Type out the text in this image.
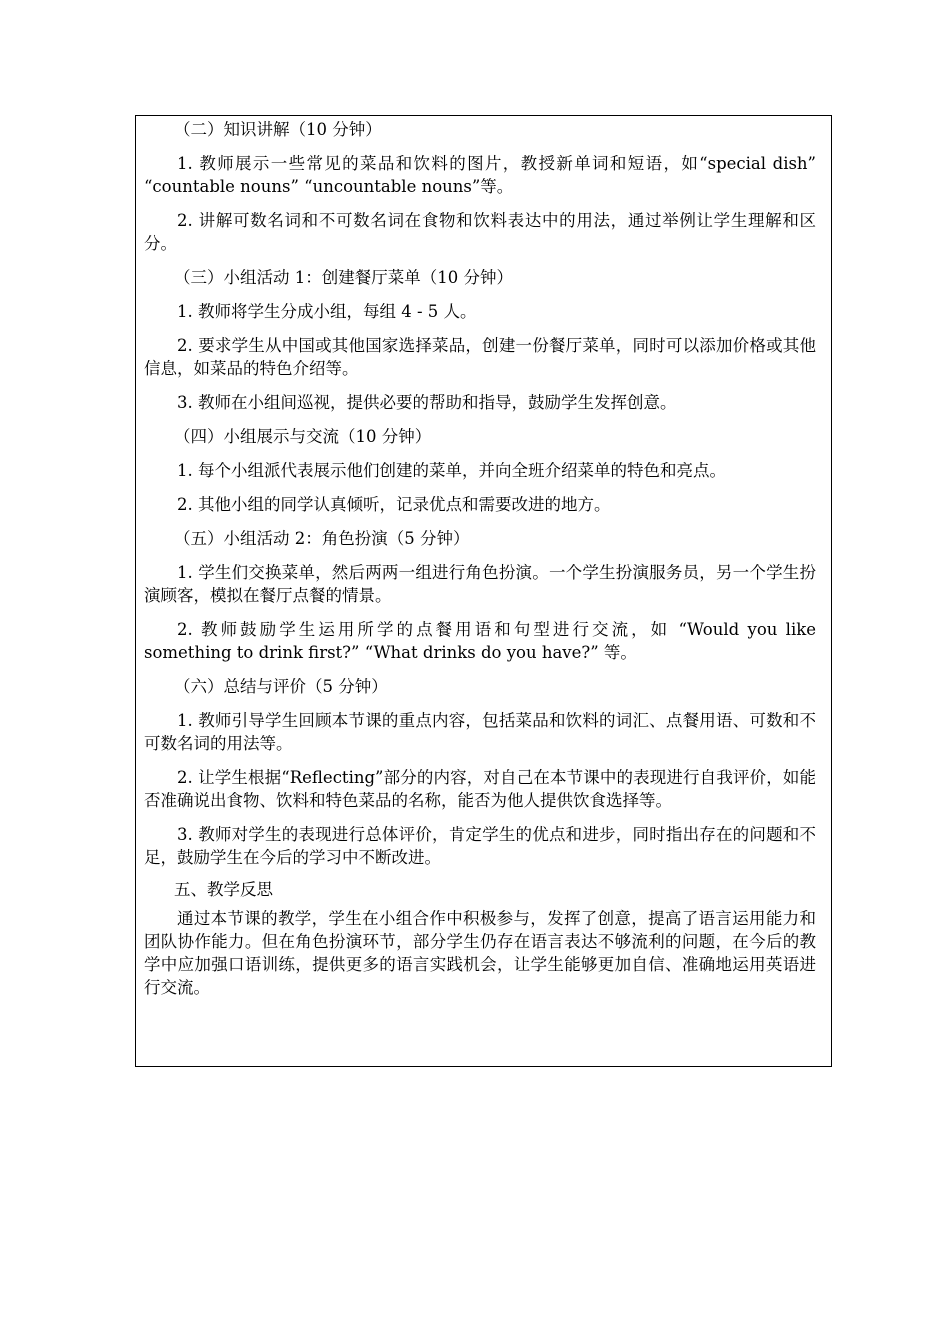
（二）知识讲解（10 分钟）

1. 教师展示一些常见的菜品和饮料的图片，教授新单词和短语，如“special dish” “countable nouns” “uncountable nouns”等。

2. 讲解可数名词和不可数名词在食物和饮料表达中的用法，通过举例让学生理解和区分。

（三）小组活动 1：创建餐厅菜单（10 分钟）

1. 教师将学生分成小组，每组 4 - 5 人。

2. 要求学生从中国或其他国家选择菜品，创建一份餐厅菜单，同时可以添加价格或其他信息，如菜品的特色介绍等。

3. 教师在小组间巡视，提供必要的帮助和指导，鼓励学生发挥创意。

（四）小组展示与交流（10 分钟）

1. 每个小组派代表展示他们创建的菜单，并向全班介绍菜单的特色和亮点。

2. 其他小组的同学认真倾听，记录优点和需要改进的地方。

（五）小组活动 2：角色扮演（5 分钟）

1. 学生们交换菜单，然后两两一组进行角色扮演。一个学生扮演服务员，另一个学生扮演顾客，模拟在餐厅点餐的情景。

2. 教师鼓励学生运用所学的点餐用语和句型进行交流，如 “Would you like something to drink first?” “What drinks do you have?” 等。

（六）总结与评价（5 分钟）

1. 教师引导学生回顾本节课的重点内容，包括菜品和饮料的词汇、点餐用语、可数和不可数名词的用法等。

2. 让学生根据“Reflecting”部分的内容，对自己在本节课中的表现进行自我评价，如能否准确说出食物、饮料和特色菜品的名称，能否为他人提供饮食选择等。

3. 教师对学生的表现进行总体评价，肯定学生的优点和进步，同时指出存在的问题和不足，鼓励学生在今后的学习中不断改进。

五、教学反思

通过本节课的教学，学生在小组合作中积极参与，发挥了创意，提高了语言运用能力和团队协作能力。但在角色扮演环节，部分学生仍存在语言表达不够流利的问题，在今后的教学中应加强口语训练，提供更多的语言实践机会，让学生能够更加自信、准确地运用英语进行交流。
